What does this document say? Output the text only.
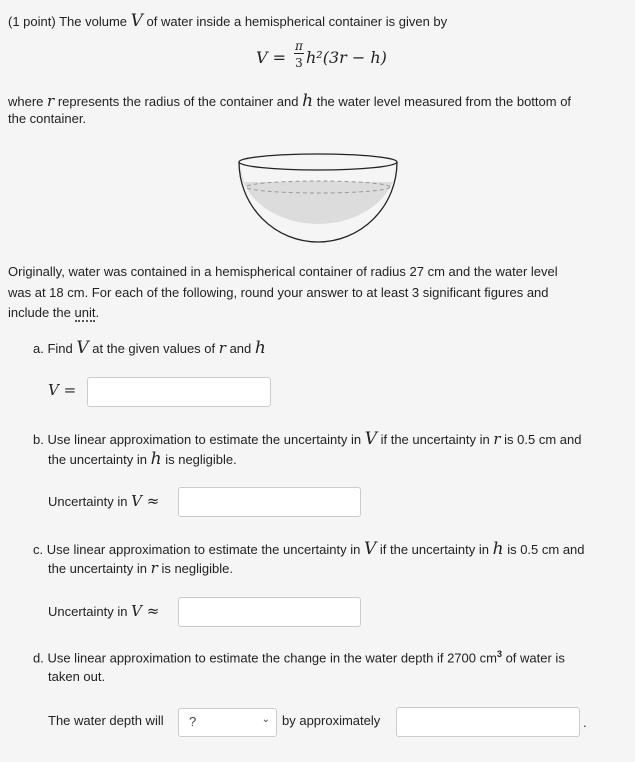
(1 point) The volume V of water inside a hemispherical container is given by
V =
π
3 h²(3r − h)
where r represents the radius of the container and h the water level measured from the bottom of
the container.
Originally, water was contained in a hemispherical container of radius 27 cm and the water level
was at 18 cm. For each of the following, round your answer to at least 3 significant figures and
include the unit.
a. Find V at the given values of r and h
V =
b. Use linear approximation to estimate the uncertainty in V if the uncertainty in r is 0.5 cm and
the uncertainty in h is negligible.
Uncertainty in V ≈
c. Use linear approximation to estimate the uncertainty in V if the uncertainty in h is 0.5 cm and
the uncertainty in r is negligible.
Uncertainty in V ≈
d. Use linear approximation to estimate the change in the water depth if 2700 $cm^3$ of water is
taken out.
The water depth will	?	⌄ by approximately	.
